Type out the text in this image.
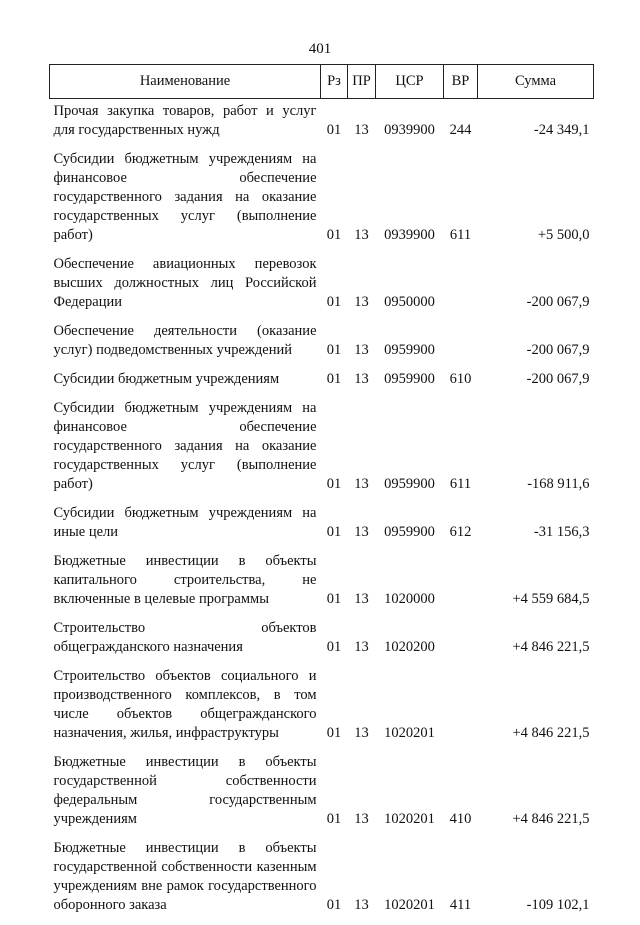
401
Наименование	Рз	ПР	ЦСР	ВР	Сумма
Прочая закупка товаров, работ и услуг для государственных нужд	01	13	0939900	244	-24 349,1
Субсидии бюджетным учреждениям на финансовое обеспечение государственного задания на оказание государственных услуг (выполнение работ)	01	13	0939900	611	+5 500,0
Обеспечение авиационных перевозок высших должностных лиц Российской Федерации	01	13	0950000		-200 067,9
Обеспечение деятельности (оказание услуг) подведомственных учреждений	01	13	0959900		-200 067,9
Субсидии бюджетным учреждениям	01	13	0959900	610	-200 067,9
Субсидии бюджетным учреждениям на финансовое обеспечение государственного задания на оказание государственных услуг (выполнение работ)	01	13	0959900	611	-168 911,6
Субсидии бюджетным учреждениям на иные цели	01	13	0959900	612	-31 156,3
Бюджетные инвестиции в объекты капитального строительства, не включенные в целевые программы	01	13	1020000		+4 559 684,5
Строительство объектов общегражданского назначения	01	13	1020200		+4 846 221,5
Строительство объектов социального и производственного комплексов, в том числе объектов общегражданского назначения, жилья, инфраструктуры	01	13	1020201		+4 846 221,5
Бюджетные инвестиции в объекты государственной собственности федеральным государственным учреждениям	01	13	1020201	410	+4 846 221,5
Бюджетные инвестиции в объекты государственной собственности казенным учреждениям вне рамок государственного оборонного заказа	01	13	1020201	411	-109 102,1
